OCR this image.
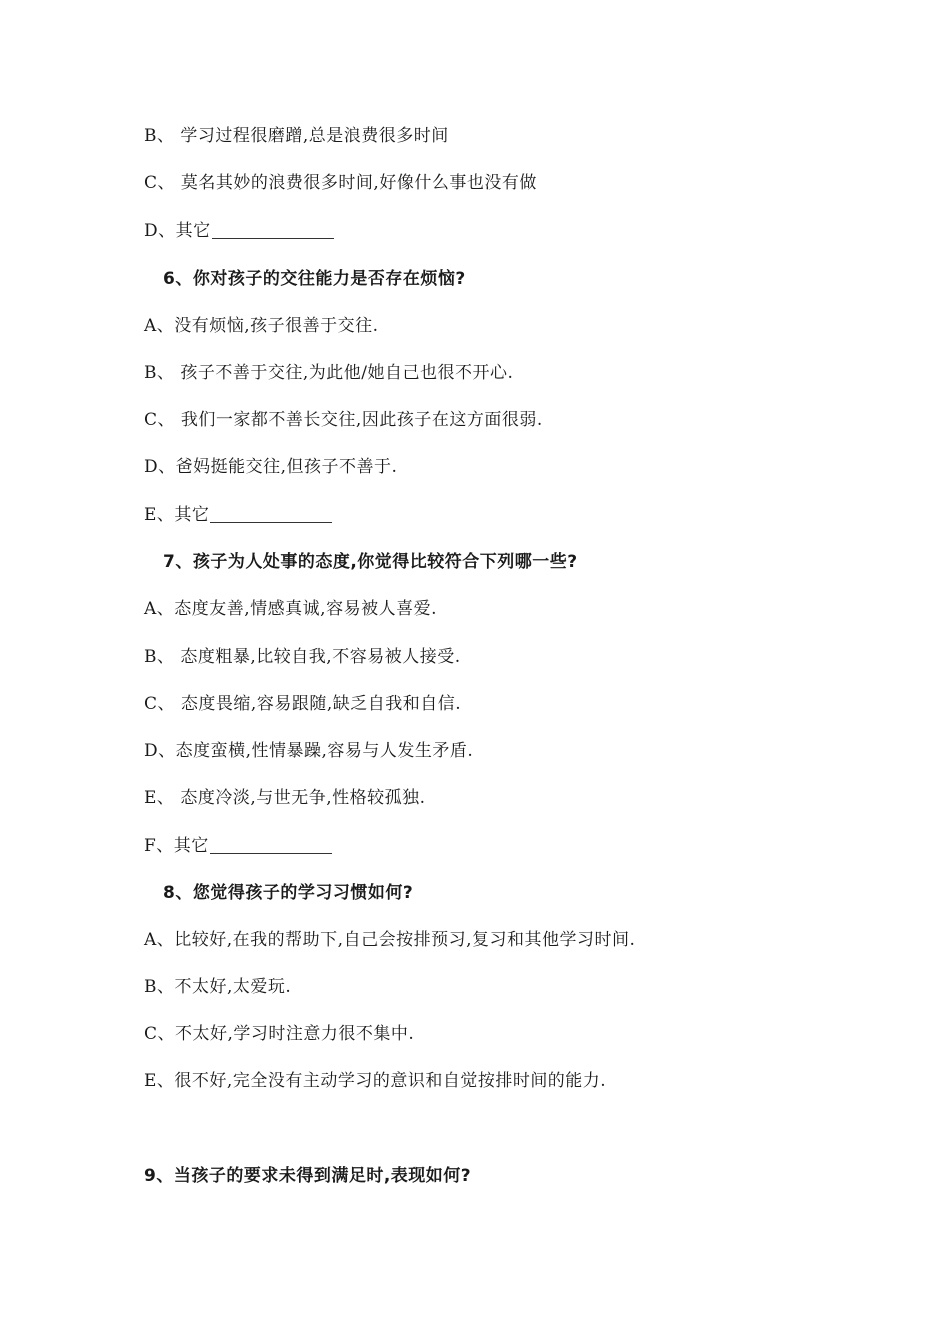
B、 学习过程很磨蹭,总是浪费很多时间
C、 莫名其妙的浪费很多时间,好像什么事也没有做
D、其它
6、你对孩子的交往能力是否存在烦恼?
A、没有烦恼,孩子很善于交往.
B、 孩子不善于交往,为此他/她自己也很不开心.
C、 我们一家都不善长交往,因此孩子在这方面很弱.
D、爸妈挺能交往,但孩子不善于.
E、其它
7、孩子为人处事的态度,你觉得比较符合下列哪一些?
A、态度友善,情感真诚,容易被人喜爱.
B、 态度粗暴,比较自我,不容易被人接受.
C、 态度畏缩,容易跟随,缺乏自我和自信.
D、态度蛮横,性情暴躁,容易与人发生矛盾.
E、 态度冷淡,与世无争,性格较孤独.
F、其它
8、您觉得孩子的学习习惯如何?
A、比较好,在我的帮助下,自己会按排预习,复习和其他学习时间.
B、不太好,太爱玩.
C、不太好,学习时注意力很不集中.
E、很不好,完全没有主动学习的意识和自觉按排时间的能力.
9、当孩子的要求未得到满足时,表现如何?
